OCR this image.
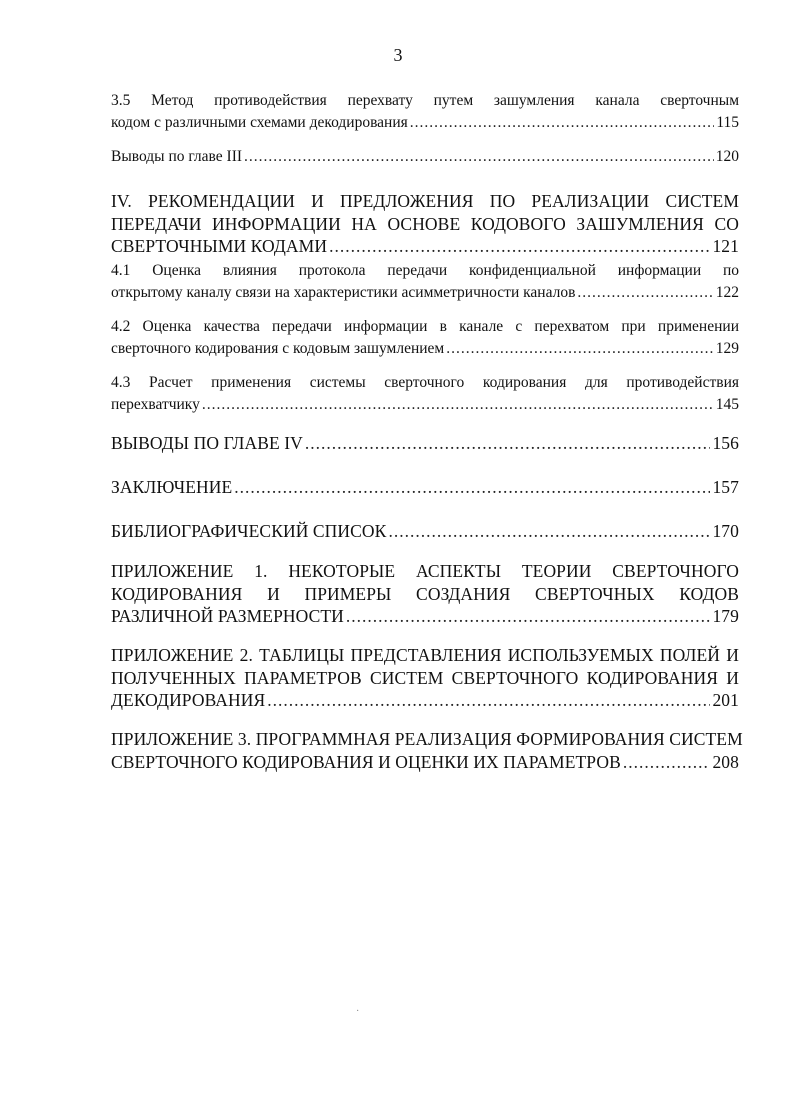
3
3.5 Метод противодействия перехвату путем зашумления канала сверточным
кодом с различными схемами декодирования .....	115
Выводы по главе III .....	120
IV. РЕКОМЕНДАЦИИ И ПРЕДЛОЖЕНИЯ ПО РЕАЛИЗАЦИИ СИСТЕМ
ПЕРЕДАЧИ ИНФОРМАЦИИ НА ОСНОВЕ КОДОВОГО ЗАШУМЛЕНИЯ СО
СВЕРТОЧНЫМИ КОДАМИ .....	121
4.1 Оценка влияния протокола передачи конфиденциальной информации по
открытому каналу связи на характеристики асимметричности каналов .....	122
4.2 Оценка качества передачи информации в канале с перехватом при применении
сверточного кодирования с кодовым зашумлением .....	129
4.3 Расчет применения системы сверточного кодирования для противодействия
перехватчику .....	145
ВЫВОДЫ ПО ГЛАВЕ IV .....	156
ЗАКЛЮЧЕНИЕ .....	157
БИБЛИОГРАФИЧЕСКИЙ СПИСОК .....	170
ПРИЛОЖЕНИЕ 1. НЕКОТОРЫЕ АСПЕКТЫ ТЕОРИИ СВЕРТОЧНОГО
КОДИРОВАНИЯ И ПРИМЕРЫ СОЗДАНИЯ СВЕРТОЧНЫХ КОДОВ
РАЗЛИЧНОЙ РАЗМЕРНОСТИ .....	179
ПРИЛОЖЕНИЕ 2. ТАБЛИЦЫ ПРЕДСТАВЛЕНИЯ ИСПОЛЬЗУЕМЫХ ПОЛЕЙ И
ПОЛУЧЕННЫХ ПАРАМЕТРОВ СИСТЕМ СВЕРТОЧНОГО КОДИРОВАНИЯ И
ДЕКОДИРОВАНИЯ .....	201
ПРИЛОЖЕНИЕ 3. ПРОГРАММНАЯ РЕАЛИЗАЦИЯ ФОРМИРОВАНИЯ СИСТЕМ
СВЕРТОЧНОГО КОДИРОВАНИЯ И ОЦЕНКИ ИХ ПАРАМЕТРОВ .....	208
‾
·
